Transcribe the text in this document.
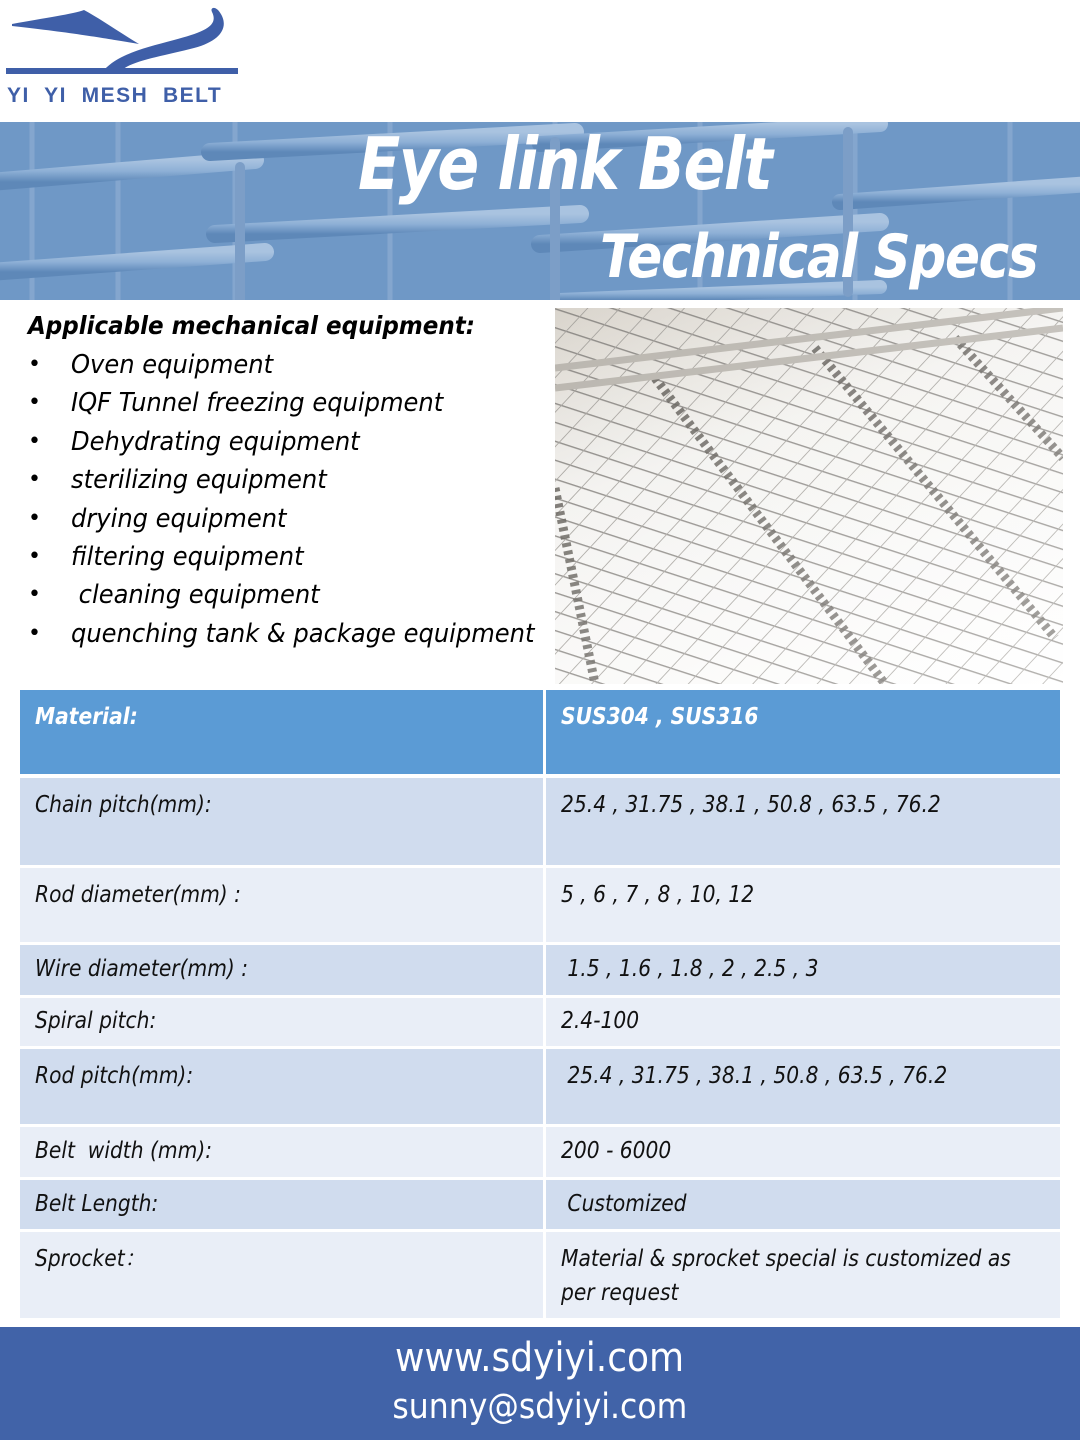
YI  YI  MESH  BELT
Eye link Belt
Technical Specs
Applicable mechanical equipment:
• Oven equipment
• IQF Tunnel freezing equipment
• Dehydrating equipment
• sterilizing equipment
• drying equipment
• filtering equipment
• cleaning equipment
• quenching tank & package equipment
Material:	SUS304 , SUS316
Chain pitch(mm):	25.4 , 31.75 , 38.1 , 50.8 , 63.5 , 76.2
Rod diameter(mm) :	5 , 6 , 7 , 8 , 10, 12
Wire diameter(mm) :	1.5 , 1.6 , 1.8 , 2 , 2.5 , 3
Spiral pitch:	2.4-100
Rod pitch(mm):	25.4 , 31.75 , 38.1 , 50.8 , 63.5 , 76.2
Belt  width (mm):	200 - 6000
Belt Length:	Customized
Sprocket：	Material & sprocket special is customized as per request
www.sdyiyi.com
sunny@sdyiyi.com
